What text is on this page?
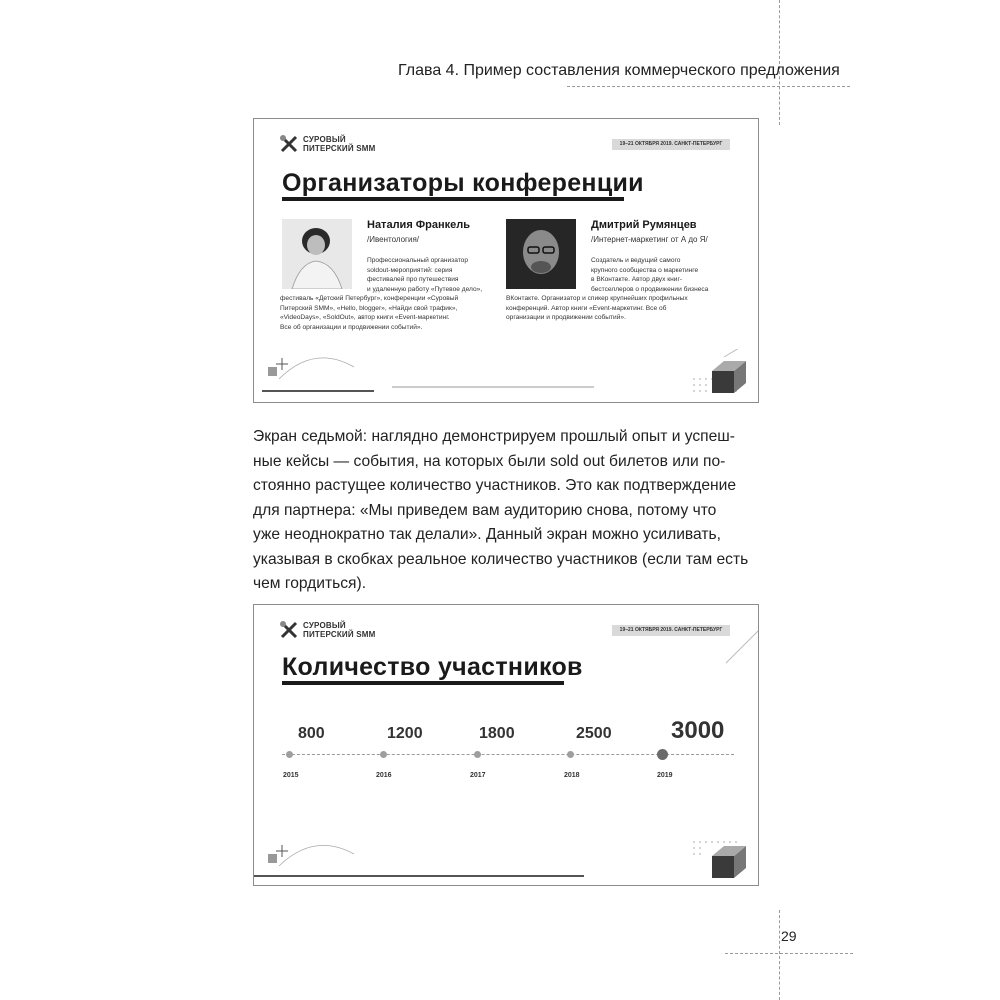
Глава 4. Пример составления коммерческого предложения
СУРОВЫЙ
ПИТЕРСКИЙ SMM	19–21 ОКТЯБРЯ 2019. САНКТ-ПЕТЕРБУРГ
Организаторы конференции
Наталия Франкель
/Ивентология/
Профессиональный организатор
soldout-мероприятий: серия
фестивалей про путешествия
и удаленную работу «Путевое дело»,
фестиваль «Детский Петербург», конференции «Суровый
Питерский SMM», «Hello, blogger», «Найди свой трафик»,
«VideoDays», «SoldOut», автор книги «Event-маркетинг.
Все об организации и продвижении событий».
Дмитрий Румянцев
/Интернет-маркетинг от А до Я/
Создатель и ведущий самого
крупного сообщества о маркетинге
в ВКонтакте. Автор двух книг-
бестселлеров о продвижении бизнеса
ВКонтакте. Организатор и спикер крупнейших профильных
конференций. Автор книги «Event-маркетинг. Все об
организации и продвижении событий».
Экран седьмой: наглядно демонстрируем прошлый опыт и успеш-
ные кейсы — события, на которых были sold out билетов или по-
стоянно растущее количество участников. Это как подтверждение
для партнера: «Мы приведем вам аудиторию снова, потому что
уже неоднократно так делали». Данный экран можно усиливать,
указывая в скобках реальное количество участников (если там есть
чем гордиться).
СУРОВЫЙ
ПИТЕРСКИЙ SMM	19–21 ОКТЯБРЯ 2019. САНКТ-ПЕТЕРБУРГ
Количество участников
800
2015
1200
2016
1800
2017
2500
2018
3000
2019
29
